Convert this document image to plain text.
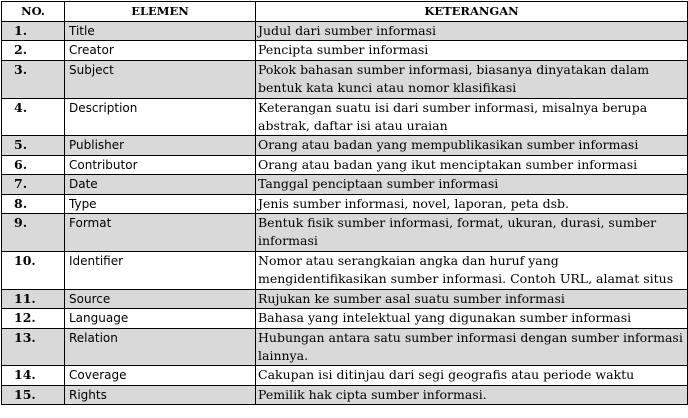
NO.	ELEMEN	KETERANGAN
1.	Title	Judul dari sumber informasi
2.	Creator	Pencipta sumber informasi
3.	Subject	Pokok bahasan sumber informasi, biasanya dinyatakan dalam bentuk kata kunci atau nomor klasifikasi
4.	Description	Keterangan suatu isi dari sumber informasi, misalnya berupa abstrak, daftar isi atau uraian
5.	Publisher	Orang atau badan yang mempublikasikan sumber informasi
6.	Contributor	Orang atau badan yang ikut menciptakan sumber informasi
7.	Date	Tanggal penciptaan sumber informasi
8.	Type	Jenis sumber informasi, novel, laporan, peta dsb.
9.	Format	Bentuk fisik sumber informasi, format, ukuran, durasi, sumber informasi
10.	Identifier	Nomor atau serangkaian angka dan huruf yang mengidentifikasikan sumber informasi. Contoh URL, alamat situs
11.	Source	Rujukan ke sumber asal suatu sumber informasi
12.	Language	Bahasa yang intelektual yang digunakan sumber informasi
13.	Relation	Hubungan antara satu sumber informasi dengan sumber informasi lainnya.
14.	Coverage	Cakupan isi ditinjau dari segi geografis atau periode waktu
15.	Rights	Pemilik hak cipta sumber informasi.
